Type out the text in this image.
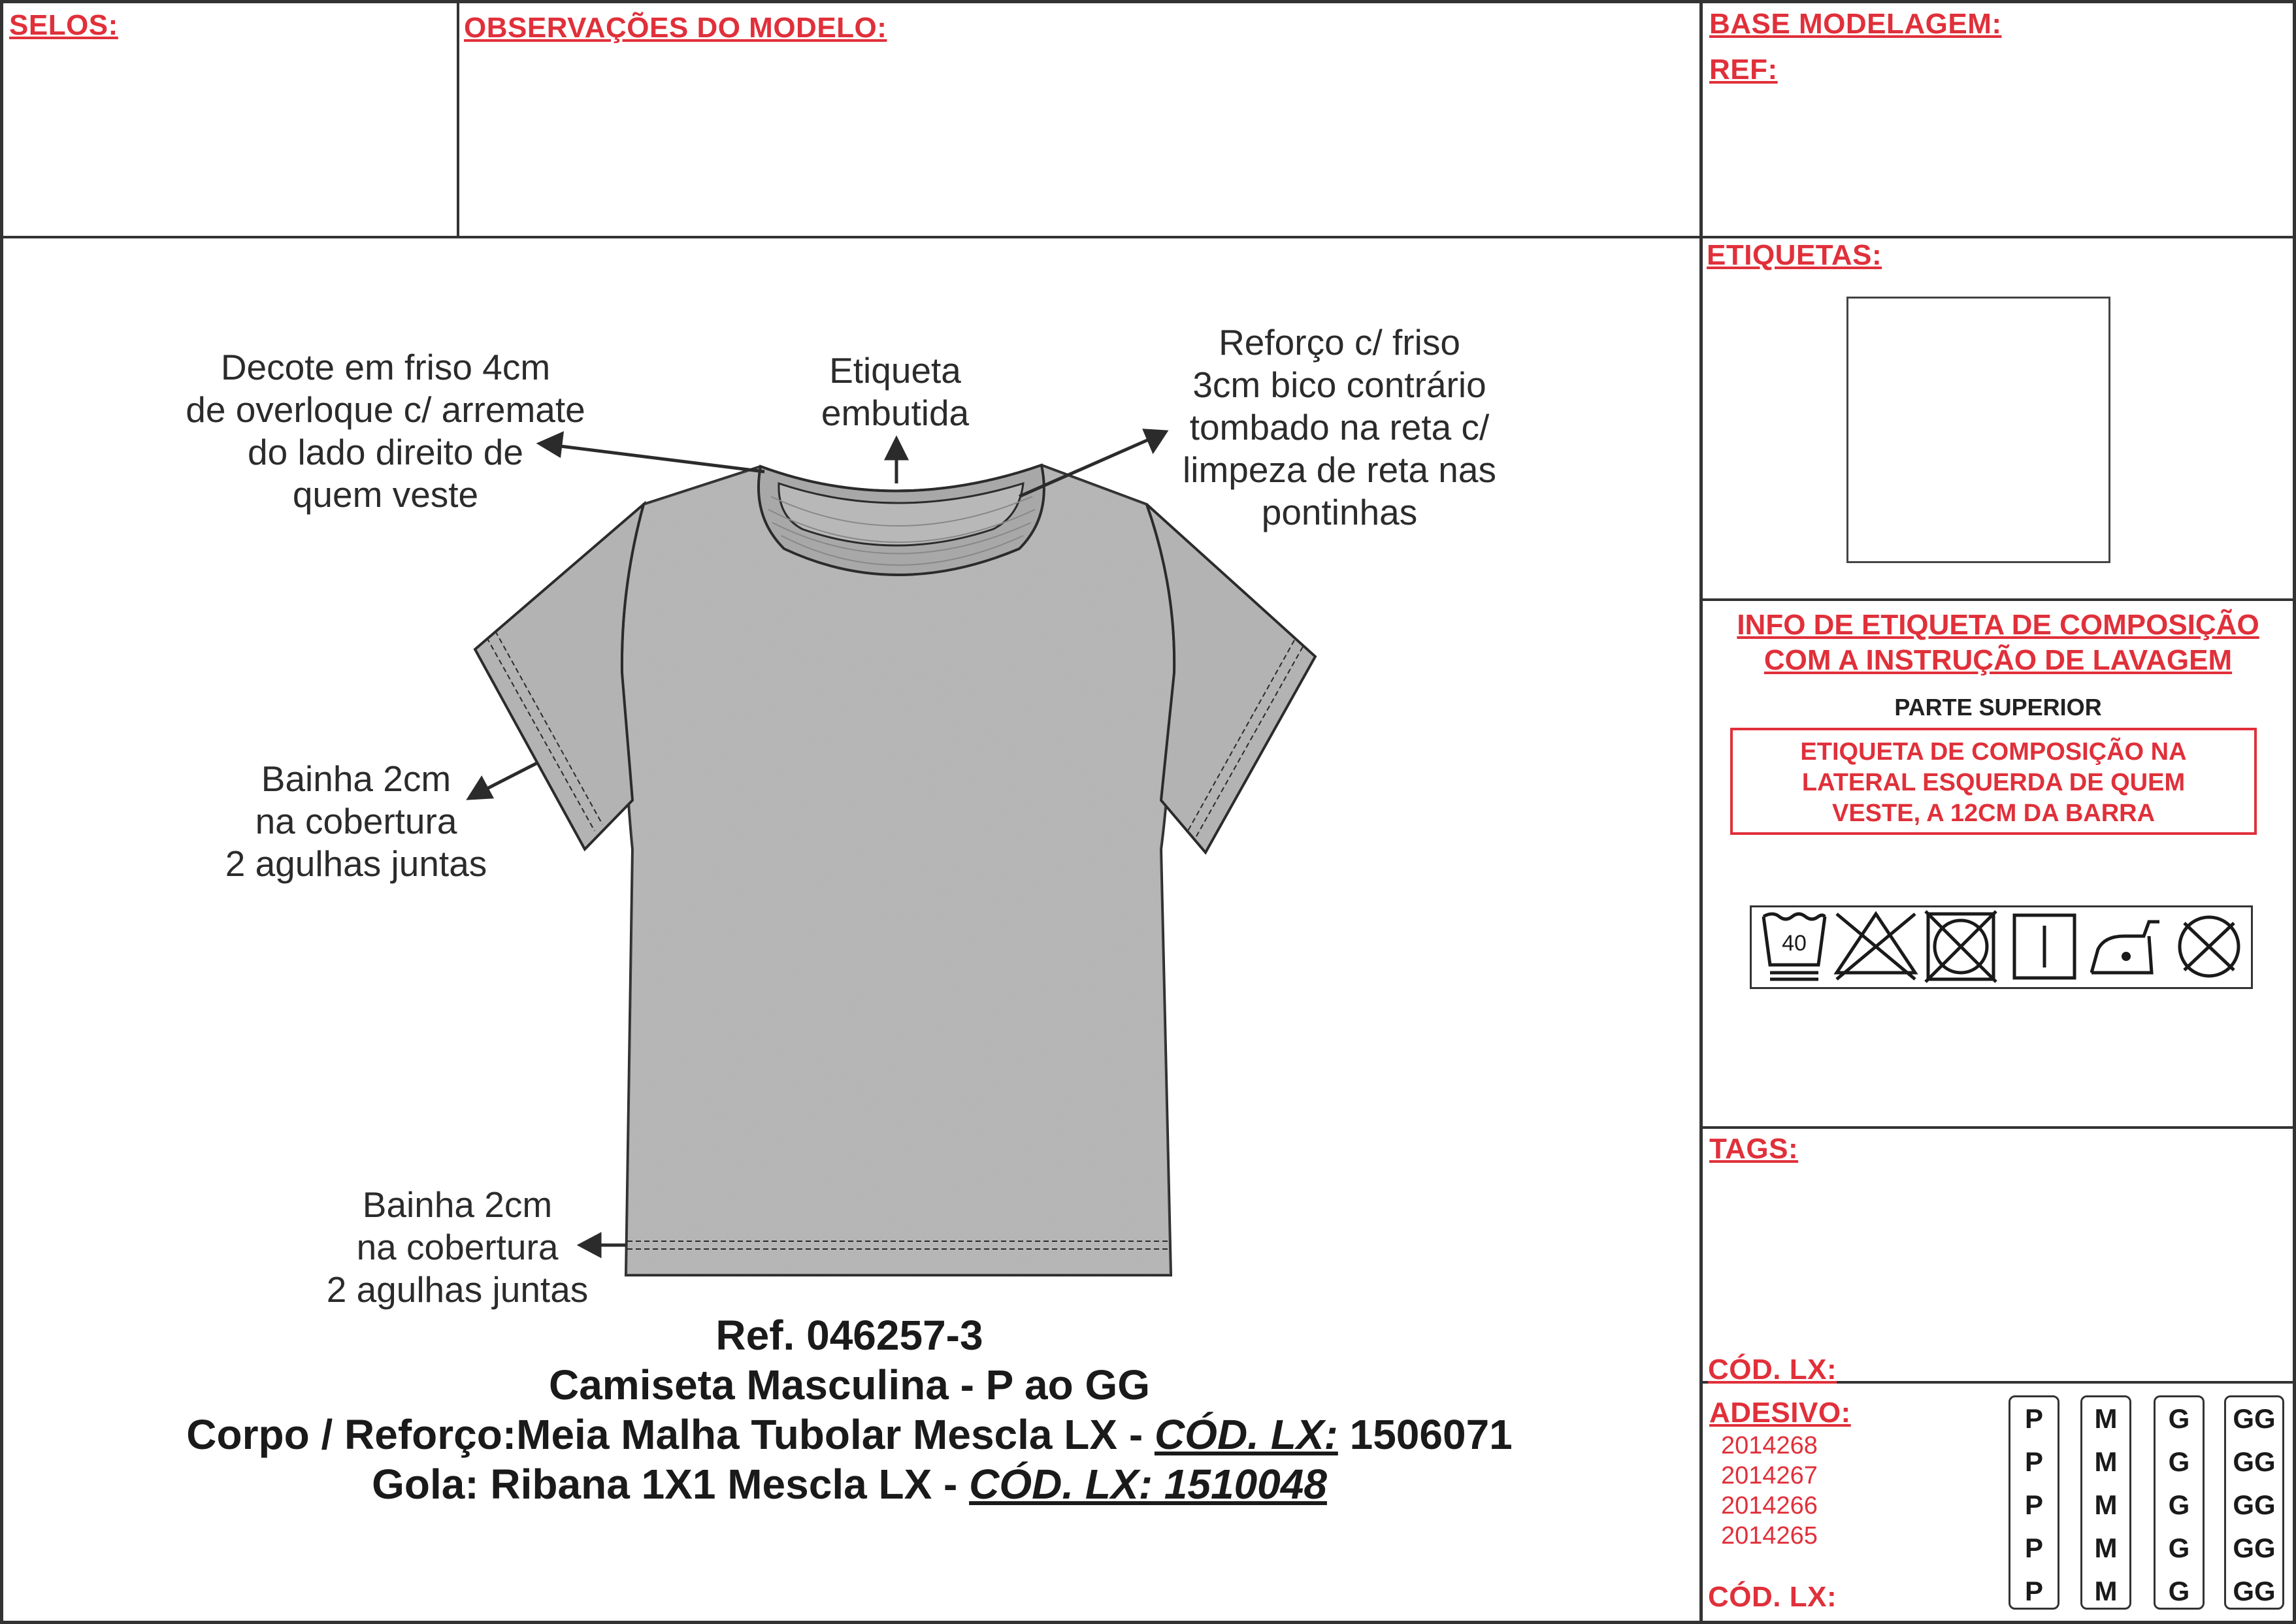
SELOS:	OBSERVAÇÕES DO MODELO:	BASE MODELAGEM:
REF:
ETIQUETAS:
INFO DE ETIQUETA DE COMPOSIÇÃO
COM A INSTRUÇÃO DE LAVAGEM
PARTE SUPERIOR
ETIQUETA DE COMPOSIÇÃO NA
LATERAL ESQUERDA DE QUEM
VESTE, A 12CM DA BARRA
40
TAGS:
CÓD. LX:
ADESIVO:
2014268
2014267
2014266
2014265
CÓD. LX:
P
P
P
P
P
M
M
M
M
M
G
G
G
G
G
GG
GG
GG
GG
GG
Decote em friso 4cm
de overloque c/ arremate
do lado direito de
quem veste
Etiqueta
embutida
Reforço c/ friso
3cm bico contrário
tombado na reta c/
limpeza de reta nas
pontinhas
Bainha 2cm
na cobertura
2 agulhas juntas
Bainha 2cm
na cobertura
2 agulhas juntas
Ref. 046257-3
Camiseta Masculina - P ao GG
Corpo / Reforço:Meia Malha Tubolar Mescla LX - CÓD. LX: 1506071
Gola: Ribana 1X1 Mescla LX - CÓD. LX: 1510048
